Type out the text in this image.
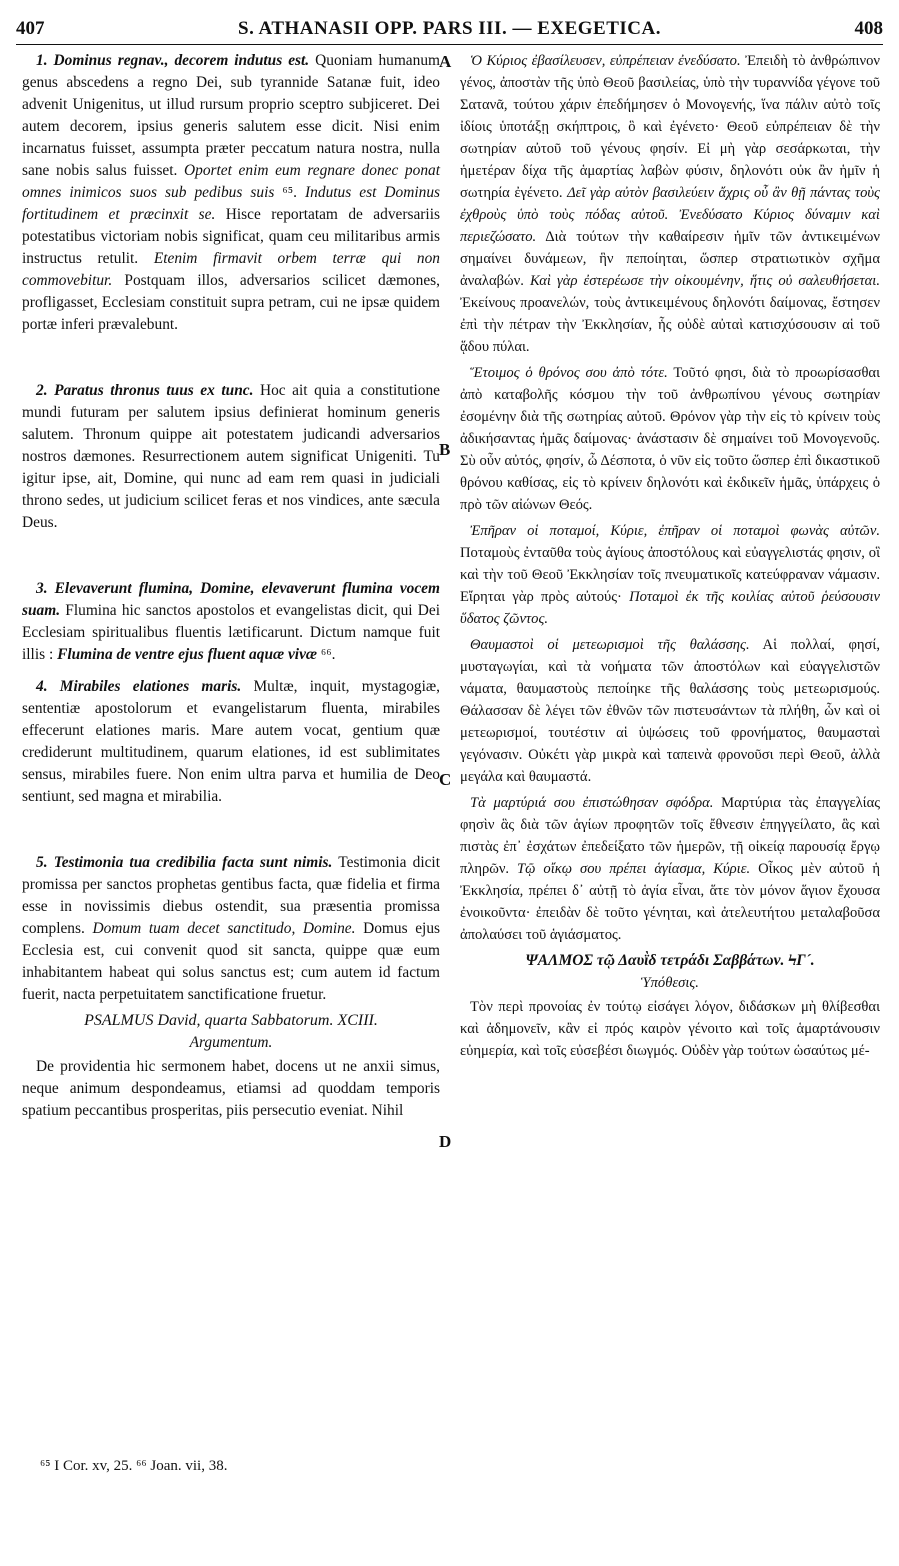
407	S. ATHANASII OPP. PARS III. — EXEGETICA.	408
A
B
C
D

1. Dominus regnav., decorem indutus est. Quoniam humanum genus abscedens a regno Dei, sub tyrannide Satanæ fuit, ideo advenit Unigenitus, ut illud rursum proprio sceptro subjiceret. Dei autem decorem, ipsius generis salutem esse dicit. Nisi enim incarnatus fuisset, assumpta præter peccatum natura nostra, nulla sane nobis salus fuisset. Oportet enim eum regnare donec ponat omnes inimicos suos sub pedibus suis ⁶⁵. Indutus est Dominus fortitudinem et præcinxit se. Hisce reportatam de adversariis potestatibus victoriam nobis significat, quam ceu militaribus armis instructus retulit. Etenim firmavit orbem terræ qui non commovebitur. Postquam illos, adversarios scilicet dæmones, profligasset, Ecclesiam constituit supra petram, cui ne ipsæ quidem portæ inferi prævalebunt.

2. Paratus thronus tuus ex tunc. Hoc ait quia a constitutione mundi futuram per salutem ipsius definierat hominum generis salutem. Thronum quippe ait potestatem judicandi adversarios nostros dæmones. Resurrectionem autem significat Unigeniti. Tu igitur ipse, ait, Domine, qui nunc ad eam rem quasi in judiciali throno sedes, ut judicium scilicet feras et nos vindices, ante sæcula Deus.

3. Elevaverunt flumina, Domine, elevaverunt flumina vocem suam. Flumina hic sanctos apostolos et evangelistas dicit, qui Dei Ecclesiam spiritualibus fluentis lætificarunt. Dictum namque fuit illis : Flumina de ventre ejus fluent aquæ vivæ ⁶⁶.

4. Mirabiles elationes maris. Multæ, inquit, mystagogiæ, sententiæ apostolorum et evangelistarum fluenta, mirabiles effecerunt elationes maris. Mare autem vocat, gentium quæ crediderunt multitudinem, quarum elationes, id est sublimitates sensus, mirabiles fuere. Non enim ultra parva et humilia de Deo sentiunt, sed magna et mirabilia.

5. Testimonia tua credibilia facta sunt nimis. Testimonia dicit promissa per sanctos prophetas gentibus facta, quæ fidelia et firma esse in novissimis diebus ostendit, sua præsentia promissa complens. Domum tuam decet sanctitudo, Domine. Domus ejus Ecclesia est, cui convenit quod sit sancta, quippe quæ eum inhabitantem habeat qui solus sanctus est; cum autem id factum fuerit, nacta perpetuitatem sanctificatione fruetur.

PSALMUS David, quarta Sabbatorum. XCIII.

Argumentum.

De providentia hic sermonem habet, docens ut ne anxii simus, neque animum despondeamus, etiamsi ad quoddam temporis spatium peccantibus prosperitas, piis persecutio eveniat. Nihil

Ὁ Κύριος ἐβασίλευσεν, εὐπρέπειαν ἐνεδύσατο. Ἐπειδὴ τὸ ἀνθρώπινον γένος, ἀποστὰν τῆς ὑπὸ Θεοῦ βασιλείας, ὑπὸ τὴν τυραννίδα γέγονε τοῦ Σατανᾶ, τούτου χάριν ἐπεδήμησεν ὁ Μονογενής, ἵνα πάλιν αὐτὸ τοῖς ἰδίοις ὑποτάξῃ σκήπτροις, ὃ καὶ ἐγένετο· Θεοῦ εὐπρέπειαν δὲ τὴν σωτηρίαν αὐτοῦ τοῦ γένους φησίν. Εἰ μὴ γὰρ σεσάρκωται, τὴν ἡμετέραν δίχα τῆς ἁμαρτίας λαβὼν φύσιν, δηλονότι οὐκ ἂν ἡμῖν ἡ σωτηρία ἐγένετο. Δεῖ γὰρ αὐτὸν βασιλεύειν ἄχρις οὗ ἂν θῇ πάντας τοὺς ἐχθροὺς ὑπὸ τοὺς πόδας αὐτοῦ. Ἐνεδύσατο Κύριος δύναμιν καὶ περιεζώσατο. Διὰ τούτων τὴν καθαίρεσιν ἡμῖν τῶν ἀντικειμένων σημαίνει δυνάμεων, ἣν πεποίηται, ὥσπερ στρατιωτικὸν σχῆμα ἀναλαβών. Καὶ γὰρ ἐστερέωσε τὴν οἰκουμένην, ἥτις οὐ σαλευθήσεται. Ἐκείνους προανελών, τοὺς ἀντικειμένους δηλονότι δαίμονας, ἔστησεν ἐπὶ τὴν πέτραν τὴν Ἐκκλησίαν, ἧς οὐδὲ αὐταὶ κατισχύσουσιν αἱ τοῦ ᾅδου πύλαι.

Ἕτοιμος ὁ θρόνος σου ἀπὸ τότε. Τοῦτό φησι, διὰ τὸ προωρίσασθαι ἀπὸ καταβολῆς κόσμου τὴν τοῦ ἀνθρωπίνου γένους σωτηρίαν ἐσομένην διὰ τῆς σωτηρίας αὐτοῦ. Θρόνον γὰρ τὴν εἰς τὸ κρίνειν τοὺς ἀδικήσαντας ἡμᾶς δαίμονας· ἀνάστασιν δὲ σημαίνει τοῦ Μονογενοῦς. Σὺ οὖν αὐτός, φησίν, ὦ Δέσποτα, ὁ νῦν εἰς τοῦτο ὥσπερ ἐπὶ δικαστικοῦ θρόνου καθίσας, εἰς τὸ κρίνειν δηλονότι καὶ ἐκδικεῖν ἡμᾶς, ὑπάρχεις ὁ πρὸ τῶν αἰώνων Θεός.

Ἐπῆραν οἱ ποταμοί, Κύριε, ἐπῆραν οἱ ποταμοὶ φωνὰς αὐτῶν. Ποταμοὺς ἐνταῦθα τοὺς ἁγίους ἀποστόλους καὶ εὐαγγελιστάς φησιν, οἳ καὶ τὴν τοῦ Θεοῦ Ἐκκλησίαν τοῖς πνευματικοῖς κατεύφραναν νάμασιν. Εἴρηται γὰρ πρὸς αὐτούς· Ποταμοὶ ἐκ τῆς κοιλίας αὐτοῦ ῥεύσουσιν ὕδατος ζῶντος.

Θαυμαστοὶ οἱ μετεωρισμοὶ τῆς θαλάσσης. Αἱ πολλαί, φησί, μυσταγωγίαι, καὶ τὰ νοήματα τῶν ἀποστόλων καὶ εὐαγγελιστῶν νάματα, θαυμαστοὺς πεποίηκε τῆς θαλάσσης τοὺς μετεωρισμούς. Θάλασσαν δὲ λέγει τῶν ἐθνῶν τῶν πιστευσάντων τὰ πλήθη, ὧν καὶ οἱ μετεωρισμοί, τουτέστιν αἱ ὑψώσεις τοῦ φρονήματος, θαυμασταὶ γεγόνασιν. Οὐκέτι γὰρ μικρὰ καὶ ταπεινὰ φρονοῦσι περὶ Θεοῦ, ἀλλὰ μεγάλα καὶ θαυμαστά.

Τὰ μαρτύριά σου ἐπιστώθησαν σφόδρα. Μαρτύρια τὰς ἐπαγγελίας φησὶν ἃς διὰ τῶν ἁγίων προφητῶν τοῖς ἔθνεσιν ἐπηγγείλατο, ἃς καὶ πιστὰς ἐπ᾽ ἐσχάτων ἐπεδείξατο τῶν ἡμερῶν, τῇ οἰκείᾳ παρουσίᾳ ἔργῳ πληρῶν. Τῷ οἴκῳ σου πρέπει ἁγίασμα, Κύριε. Οἶκος μὲν αὐτοῦ ἡ Ἐκκλησία, πρέπει δ᾽ αὐτῇ τὸ ἁγία εἶναι, ἅτε τὸν μόνον ἅγιον ἔχουσα ἐνοικοῦντα· ἐπειδὰν δὲ τοῦτο γένηται, καὶ ἀτελευτήτου μεταλαβοῦσα ἀπολαύσει τοῦ ἁγιάσματος.

ΨΑΛΜΟΣ τῷ Δαυῒδ τετράδι Σαββάτων. ϞΓ´.

Ὑπόθεσις.

Τὸν περὶ προνοίας ἐν τούτῳ εἰσάγει λόγον, διδάσκων μὴ θλίβεσθαι καὶ ἀδημονεῖν, κἂν εἰ πρός καιρὸν γένοιτο καὶ τοῖς ἁμαρτάνουσιν εὐημερία, καὶ τοῖς εὐσεβέσι διωγμός. Οὐδὲν γὰρ τούτων ὡσαύτως μέ-

⁶⁵ I Cor. xv, 25. ⁶⁶ Joan. vii, 38.
